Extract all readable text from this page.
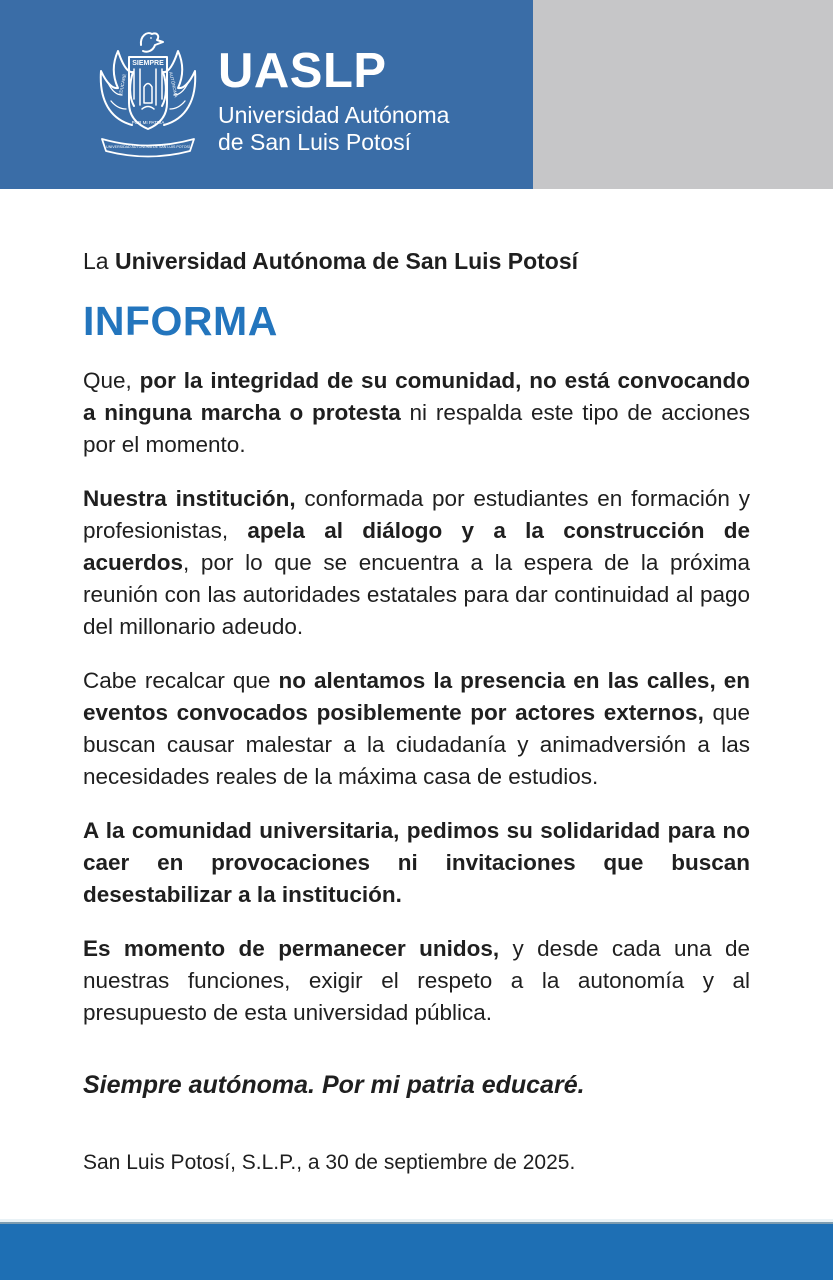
SIEMPRE
EDUCARÉ	AUTÓNOMA
POR MI PATRIA
UNIVERSIDAD AUTÓNOMA DE SAN LUIS POTOSÍ
UASLP
Universidad Autónoma
de San Luis Potosí

La Universidad Autónoma de San Luis Potosí

INFORMA

Que, por la integridad de su comunidad, no está convocando a ninguna marcha o protesta ni respalda este tipo de acciones por el momento.

Nuestra institución, conformada por estudiantes en formación y profesionistas, apela al diálogo y a la construcción de acuerdos, por lo que se encuentra a la espera de la próxima reunión con las autoridades estatales para dar continuidad al pago del millonario adeudo.

Cabe recalcar que no alentamos la presencia en las calles, en eventos convocados posiblemente por actores externos, que buscan causar malestar a la ciudadanía y animadversión a las necesidades reales de la máxima casa de estudios.

A la comunidad universitaria, pedimos su solidaridad para no caer en provocaciones ni invitaciones que buscan desestabilizar a la institución.

Es momento de permanecer unidos, y desde cada una de nuestras funciones, exigir el respeto a la autonomía y al presupuesto de esta universidad pública.

Siempre autónoma. Por mi patria educaré.

San Luis Potosí, S.L.P., a 30 de septiembre de 2025.
